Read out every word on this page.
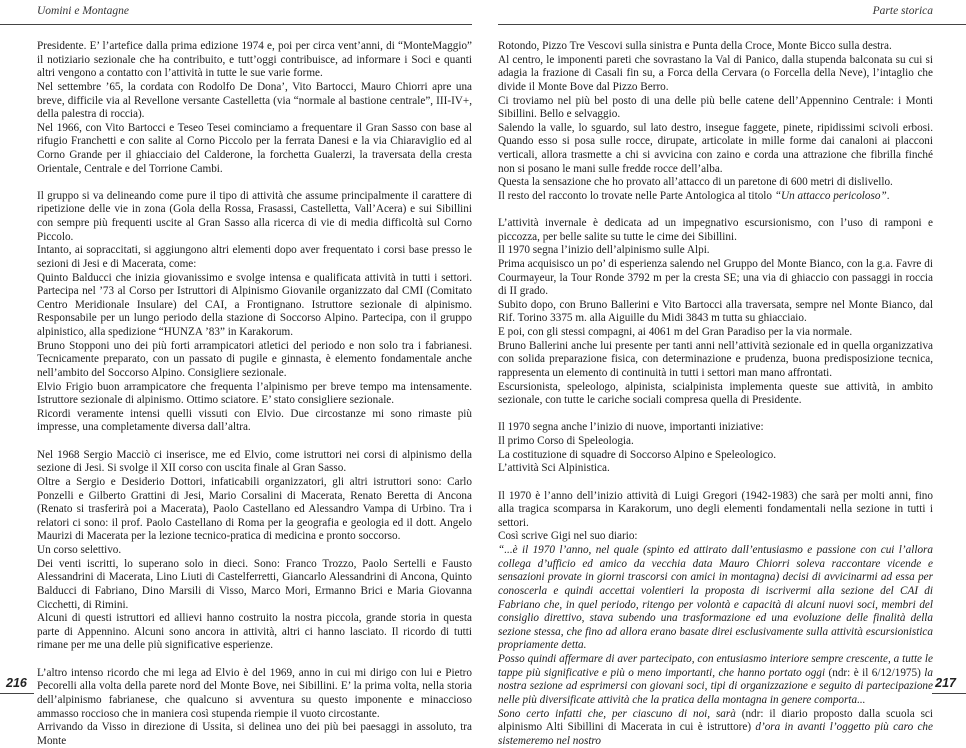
Uomini e Montagne

Presidente. E’ l’artefice dalla prima edizione 1974 e, poi per circa vent’anni, di “MonteMaggio” il notiziario sezionale che ha contribuito, e tutt’oggi contribuisce, ad informare i Soci e quanti altri vengono a contatto con l’attività in tutte le sue varie forme.

Nel settembre ’65, la cordata con Rodolfo De Dona’, Vito Bartocci, Mauro Chiorri apre una breve, difficile via al Revellone versante Castelletta (via “normale al bastione centrale”, III-IV+, della palestra di roccia).

Nel 1966, con Vito Bartocci e Teseo Tesei cominciamo a frequentare il Gran Sasso con base al rifugio Franchetti e con salite al Corno Piccolo per la ferrata Danesi e la via Chiaraviglio ed al Corno Grande per il ghiacciaio del Calderone, la forchetta Gualerzi, la traversata della cresta Orientale, Centrale e del Torrione Cambi.

Il gruppo si va delineando come pure il tipo di attività che assume principalmente il carattere di ripetizione delle vie in zona (Gola della Rossa, Frasassi, Castelletta, Vall’Acera) e sui Sibillini con sempre più frequenti uscite al Gran Sasso alla ricerca di vie di media difficoltà sul Corno Piccolo.

Intanto, ai sopraccitati, si aggiungono altri elementi dopo aver frequentato i corsi base presso le sezioni di Jesi e di Macerata, come:

Quinto Balducci che inizia giovanissimo e svolge intensa e qualificata attività in tutti i settori. Partecipa nel ’73 al Corso per Istruttori di Alpinismo Giovanile organizzato dal CMI (Comitato Centro Meridionale Insulare) del CAI, a Frontignano. Istruttore sezionale di alpinismo. Responsabile per un lungo periodo della stazione di Soccorso Alpino. Partecipa, con il gruppo alpinistico, alla spedizione “HUNZA ’83” in Karakorum.

Bruno Stopponi uno dei più forti arrampicatori atletici del periodo e non solo tra i fabrianesi. Tecnicamente preparato, con un passato di pugile e ginnasta, è elemento fondamentale anche nell’ambito del Soccorso Alpino. Consigliere sezionale.

Elvio Frigio buon arrampicatore che frequenta l’alpinismo per breve tempo ma intensamente. Istruttore sezionale di alpinismo. Ottimo sciatore. E’ stato consigliere sezionale.

Ricordi veramente intensi quelli vissuti con Elvio. Due circostanze mi sono rimaste più impresse, una completamente diversa dall’altra.

Nel 1968 Sergio Macciò ci inserisce, me ed Elvio, come istruttori nei corsi di alpinismo della sezione di Jesi. Si svolge il XII corso con uscita finale al Gran Sasso.

Oltre a Sergio e Desiderio Dottori, infaticabili organizzatori, gli altri istruttori sono: Carlo Ponzelli e Gilberto Grattini di Jesi, Mario Corsalini di Macerata, Renato Beretta di Ancona (Renato si trasferirà poi a Macerata), Paolo Castellano ed Alessandro Vampa di Urbino. Tra i relatori ci sono: il prof. Paolo Castellano di Roma per la geografia e geologia ed il dott. Angelo Maurizi di Macerata per la lezione tecnico-pratica di medicina e pronto soccorso.

Un corso selettivo.

Dei venti iscritti, lo superano solo in dieci. Sono: Franco Trozzo, Paolo Sertelli e Fausto Alessandrini di Macerata, Lino Liuti di Castelferretti, Giancarlo Alessandrini di Ancona, Quinto Balducci di Fabriano, Dino Marsili di Visso, Marco Mori, Ermanno Brici e Maria Giovanna Cicchetti, di Rimini.

Alcuni di questi istruttori ed allievi hanno costruito la nostra piccola, grande storia in questa parte di Appennino. Alcuni sono ancora in attività, altri ci hanno lasciato. Il ricordo di tutti rimane per me una delle più significative esperienze.

L’altro intenso ricordo che mi lega ad Elvio è del 1969, anno in cui mi dirigo con lui e Pietro Pecorelli alla volta della parete nord del Monte Bove, nei Sibillini. E’ la prima volta, nella storia dell’alpinismo fabrianese, che qualcuno si avventura su questo imponente e minaccioso ammasso roccioso che in maniera così stupenda riempie il vuoto circostante.

Arrivando da Visso in direzione di Ussita, si delinea uno dei più bei paesaggi in assoluto, tra Monte

216
Parte storica

Rotondo, Pizzo Tre Vescovi sulla sinistra e Punta della Croce, Monte Bicco sulla destra.

Al centro, le imponenti pareti che sovrastano la Val di Panico, dalla stupenda balconata su cui si adagia la frazione di Casali fin su, a Forca della Cervara (o Forcella della Neve), l’intaglio che divide il Monte Bove dal Pizzo Berro.

Ci troviamo nel più bel posto di una delle più belle catene dell’Appennino Centrale: i Monti Sibillini. Bello e selvaggio.

Salendo la valle, lo sguardo, sul lato destro, insegue faggete, pinete, ripidissimi scivoli erbosi. Quando esso si posa sulle rocce, dirupate, articolate in mille forme dai canaloni ai placconi verticali, allora trasmette a chi si avvicina con zaino e corda una attrazione che fibrilla finché non si posano le mani sulle fredde rocce dell’alba.

Questa la sensazione che ho provato all’attacco di un paretone di 600 metri di dislivello.

Il resto del racconto lo trovate nelle Parte Antologica al titolo “Un attacco pericoloso”.

L’attività invernale è dedicata ad un impegnativo escursionismo, con l’uso di ramponi e piccozza, per belle salite su tutte le cime dei Sibillini.

Il 1970 segna l’inizio dell’alpinismo sulle Alpi.

Prima acquisisco un po’ di esperienza salendo nel Gruppo del Monte Bianco, con la g.a. Favre di Courmayeur, la Tour Ronde 3792 m per la cresta SE; una via di ghiaccio con passaggi in roccia di II grado.

Subito dopo, con Bruno Ballerini e Vito Bartocci alla traversata, sempre nel Monte Bianco, dal Rif. Torino 3375 m. alla Aiguille du Midi 3843 m tutta su ghiacciaio.

E poi, con gli stessi compagni, ai 4061 m del Gran Paradiso per la via normale.

Bruno Ballerini anche lui presente per tanti anni nell’attività sezionale ed in quella organizzativa con solida preparazione fisica, con determinazione e prudenza, buona predisposizione tecnica, rappresenta un elemento di continuità in tutti i settori man mano affrontati.

Escursionista, speleologo, alpinista, scialpinista implementa queste sue attività, in ambito sezionale, con tutte le cariche sociali compresa quella di Presidente.

Il 1970 segna anche l’inizio di nuove, importanti iniziative:

Il primo Corso di Speleologia.

La costituzione di squadre di Soccorso Alpino e Speleologico.

L’attività Sci Alpinistica.

Il 1970 è l’anno dell’inizio attività di Luigi Gregori (1942-1983) che sarà per molti anni, fino alla tragica scomparsa in Karakorum, uno degli elementi fondamentali nella sezione in tutti i settori.

Così scrive Gigi nel suo diario:

“...è il 1970 l’anno, nel quale (spinto ed attirato dall’entusiasmo e passione con cui l’allora collega d’ufficio ed amico da vecchia data Mauro Chiorri soleva raccontare vicende e sensazioni provate in giorni trascorsi con amici in montagna) decisi di avvicinarmi ad essa per conoscerla e quindi accettai volentieri la proposta di iscrivermi alla sezione del CAI di Fabriano che, in quel periodo, ritengo per volontà e capacità di alcuni nuovi soci, membri del consiglio direttivo, stava subendo una trasformazione ed una evoluzione delle finalità della sezione stessa, che fino ad allora erano basate direi esclusivamente sulla attività escursionistica propriamente detta.

Posso quindi affermare di aver partecipato, con entusiasmo interiore sempre crescente, a tutte le tappe più significative e più o meno importanti, che hanno portato oggi (ndr: è il 6/12/1975) la nostra sezione ad esprimersi con giovani soci, tipi di organizzazione e seguito di partecipazione nelle più diversificate attività che la pratica della montagna in genere comporta...

Sono certo infatti che, per ciascuno di noi, sarà (ndr: il diario proposto dalla scuola sci alpinismo Alti Sibillini di Macerata in cui è istruttore) d’ora in avanti l’oggetto più caro che sistemeremo nel nostro

217
